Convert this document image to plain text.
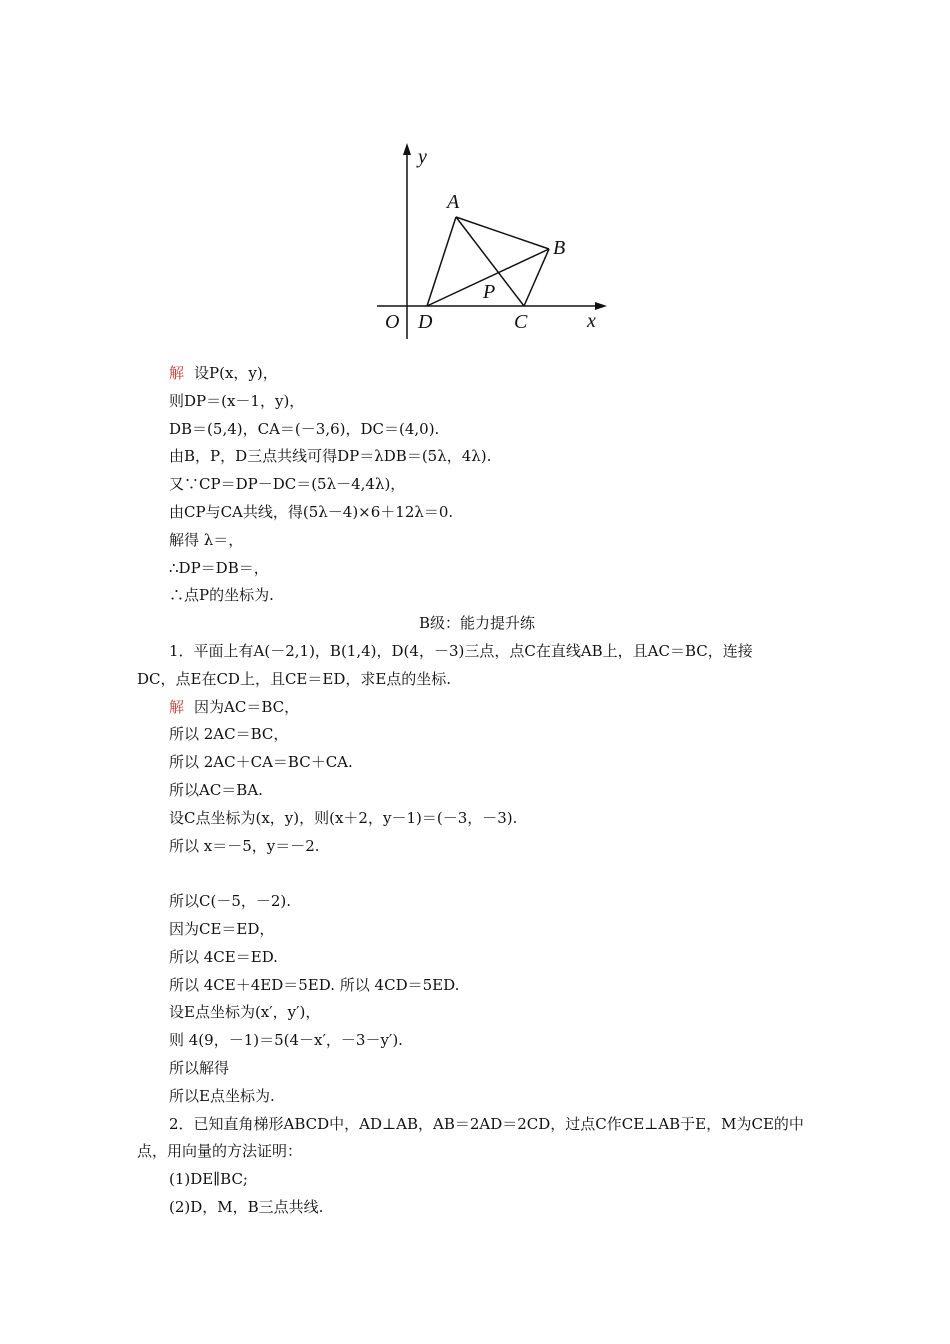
y
A
B
P
O D	C	x
解 设P(x，y)，
则DP＝(x－1，y)，
DB＝(5,4)，CA＝(－3,6)，DC＝(4,0).
由B，P，D三点共线可得DP＝λDB＝(5λ，4λ).
又∵CP＝DP－DC＝(5λ－4,4λ)，
由CP与CA共线，得(5λ－4)×6＋12λ＝0.
解得 λ＝，
∴DP＝DB＝，
∴点P的坐标为.
B级：能力提升练
1．平面上有A(－2,1)，B(1,4)，D(4，－3)三点，点C在直线AB上，且AC＝BC，连接
DC，点E在CD上，且CE＝ED，求E点的坐标.
解 因为AC＝BC，
所以 2AC＝BC，
所以 2AC＋CA＝BC＋CA.
所以AC＝BA.
设C点坐标为(x，y)，则(x＋2，y－1)＝(－3，－3).
所以 x＝－5，y＝－2.
所以C(－5，－2).
因为CE＝ED，
所以 4CE＝ED.
所以 4CE＋4ED＝5ED. 所以 4CD＝5ED.
设E点坐标为(x′，y′)，
则 4(9，－1)＝5(4－x′，－3－y′).
所以解得
所以E点坐标为.
2．已知直角梯形ABCD中，AD⊥AB，AB＝2AD＝2CD，过点C作CE⊥AB于E，M为CE的中
点，用向量的方法证明：
(1)DE∥BC;
(2)D，M，B三点共线.
